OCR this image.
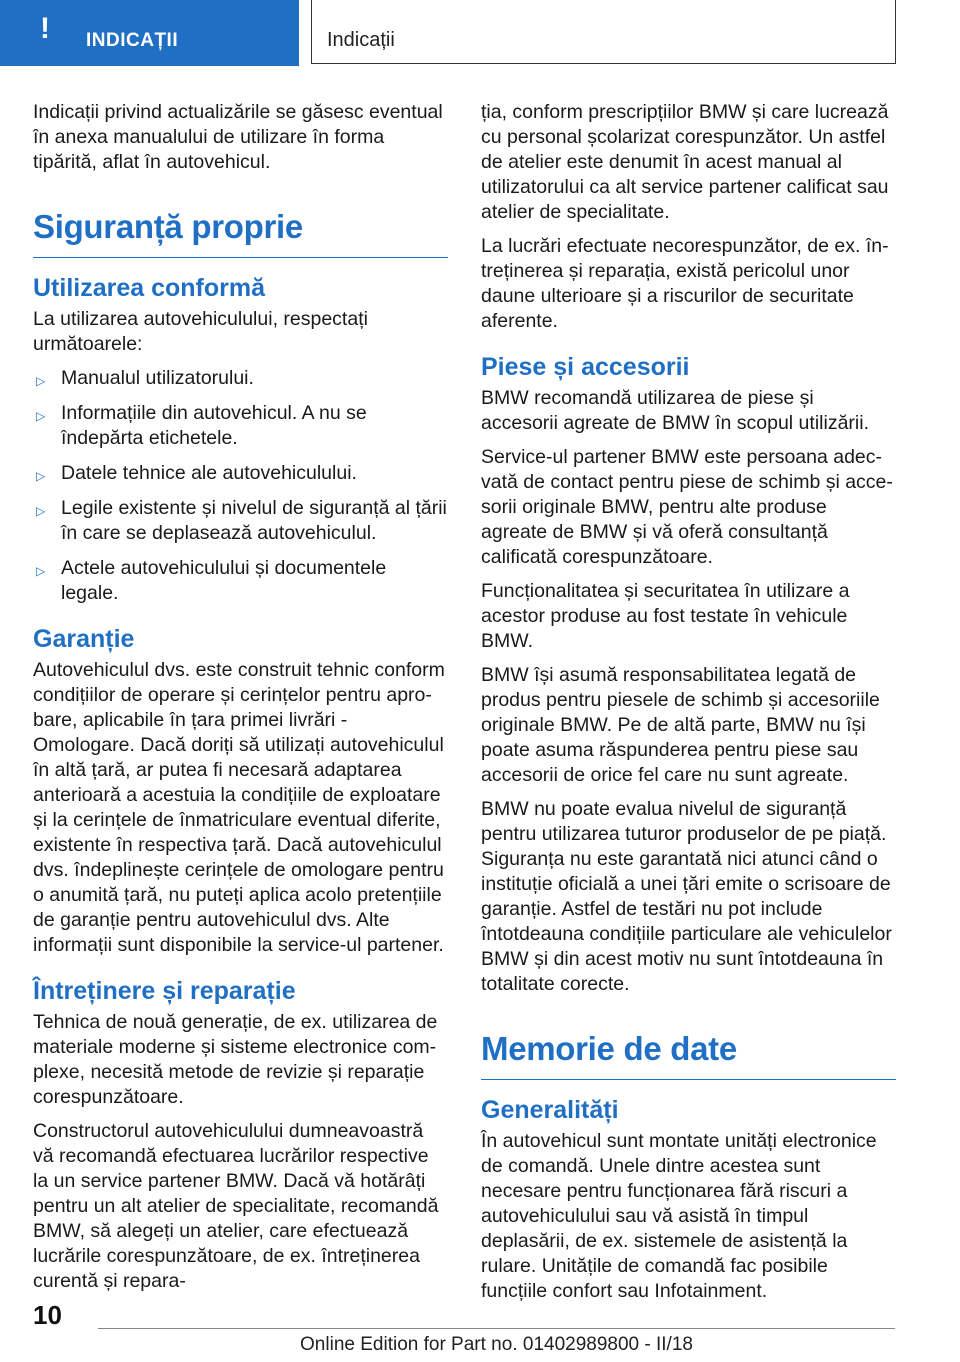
! INDICAȚII	Indicații

Indicații privind actualizările se găsesc eventual în anexa manualului de utilizare în forma tipărită, aflat în autovehicul.

Siguranță proprie
Utilizarea conformă

La utilizarea autovehiculului, respectați următoarele:

▷ Manualul utilizatorului.
▷ Informațiile din autovehicul. A nu se îndepărta etichetele.
▷ Datele tehnice ale autovehiculului.
▷ Legile existente și nivelul de siguranță al țării în care se deplasează autovehiculul.
▷ Actele autovehiculului și documentele legale.
Garanție

Autovehiculul dvs. este construit tehnic conform condițiilor de operare și cerințelor pentru aprobare, aplicabile în țara primei livrări - Omologare. Dacă doriți să utilizați autovehiculul în altă țară, ar putea fi necesară adaptarea anterioară a acestuia la condițiile de exploatare și la cerințele de înmatriculare eventual diferite, existente în respectiva țară. Dacă autovehiculul dvs. îndeplinește cerințele de omologare pentru o anumită țară, nu puteți aplica acolo pretențiile de garanție pentru autovehiculul dvs. Alte informații sunt disponibile la service-ul partener.

Întreținere și reparație

Tehnica de nouă generație, de ex. utilizarea de materiale moderne și sisteme electronice complexe, necesită metode de revizie și reparație corespunzătoare.

Constructorul autovehiculului dumneavoastră vă recomandă efectuarea lucrărilor respective la un service partener BMW. Dacă vă hotărâți pentru un alt atelier de specialitate, recomandă BMW, să alegeți un atelier, care efectuează lucrările corespunzătoare, de ex. întreținerea curentă și repara-

ția, conform prescripțiilor BMW și care lucrează cu personal școlarizat corespunzător. Un astfel de atelier este denumit în acest manual al utilizatorului ca alt service partener calificat sau atelier de specialitate.

La lucrări efectuate necorespunzător, de ex. întreținerea și reparația, există pericolul unor daune ulterioare și a riscurilor de securitate aferente.

Piese și accesorii

BMW recomandă utilizarea de piese și accesorii agreate de BMW în scopul utilizării.

Service-ul partener BMW este persoana adecvată de contact pentru piese de schimb și accesorii originale BMW, pentru alte produse agreate de BMW și vă oferă consultanță calificată corespunzătoare.

Funcționalitatea și securitatea în utilizare a acestor produse au fost testate în vehicule BMW.

BMW își asumă responsabilitatea legată de produs pentru piesele de schimb și accesoriile originale BMW. Pe de altă parte, BMW nu își poate asuma răspunderea pentru piese sau accesorii de orice fel care nu sunt agreate.

BMW nu poate evalua nivelul de siguranță pentru utilizarea tuturor produselor de pe piață. Siguranța nu este garantată nici atunci când o instituție oficială a unei țări emite o scrisoare de garanție. Astfel de testări nu pot include întotdeauna condițiile particulare ale vehiculelor BMW și din acest motiv nu sunt întotdeauna în totalitate corecte.

Memorie de date
Generalități

În autovehicul sunt montate unități electronice de comandă. Unele dintre acestea sunt necesare pentru funcționarea fără riscuri a autovehiculului sau vă asistă în timpul deplasării, de ex. sistemele de asistență la rulare. Unitățile de comandă fac posibile funcțiile confort sau Infotainment.

10
Online Edition for Part no. 01402989800 - II/18
